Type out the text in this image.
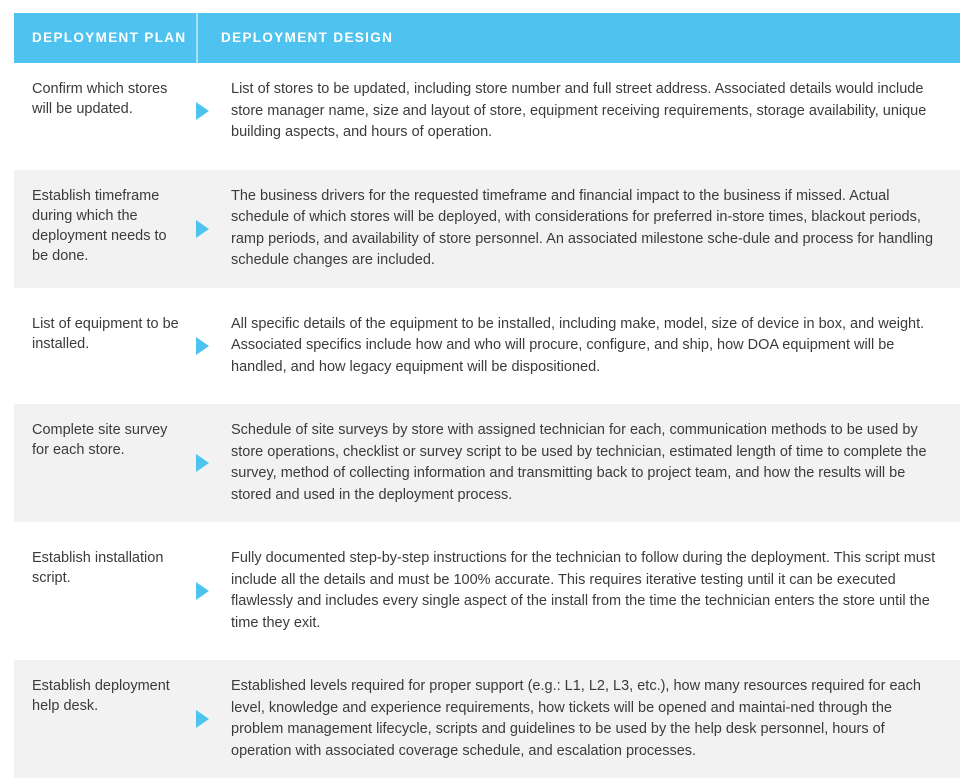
DEPLOYMENT PLAN	DEPLOYMENT DESIGN
Confirm which stores will be updated.
List of stores to be updated, including store number and full street address. Associated details would include store manager name, size and layout of store, equipment receiving requirements, storage availability, unique building aspects, and hours of operation.
Establish timeframe during which the deployment needs to be done.
The business drivers for the requested timeframe and financial impact to the business if missed. Actual schedule of which stores will be deployed, with considerations for preferred in-store times, blackout periods, ramp periods, and availability of store personnel. An associated milestone sche-dule and process for handling schedule changes are included.
List of equipment to be installed.
All specific details of the equipment to be installed, including make, model, size of device in box, and weight. Associated specifics include how and who will procure, configure, and ship, how DOA equipment will be handled, and how legacy equipment will be dispositioned.
Complete site survey for each store.
Schedule of site surveys by store with assigned technician for each, communication methods to be used by store operations, checklist or survey script to be used by technician, estimated length of time to complete the survey, method of collecting information and transmitting back to project team, and how the results will be stored and used in the deployment process.
Establish installation script.
Fully documented step-by-step instructions for the technician to follow during the deployment. This script must include all the details and must be 100% accurate. This requires iterative testing until it can be executed flawlessly and includes every single aspect of the install from the time the technician enters the store until the time they exit.
Establish deployment help desk.
Established levels required for proper support (e.g.: L1, L2, L3, etc.), how many resources required for each level, knowledge and experience requirements, how tickets will be opened and maintai-ned through the problem management lifecycle, scripts and guidelines to be used by the help desk personnel, hours of operation with associated coverage schedule, and escalation processes.
